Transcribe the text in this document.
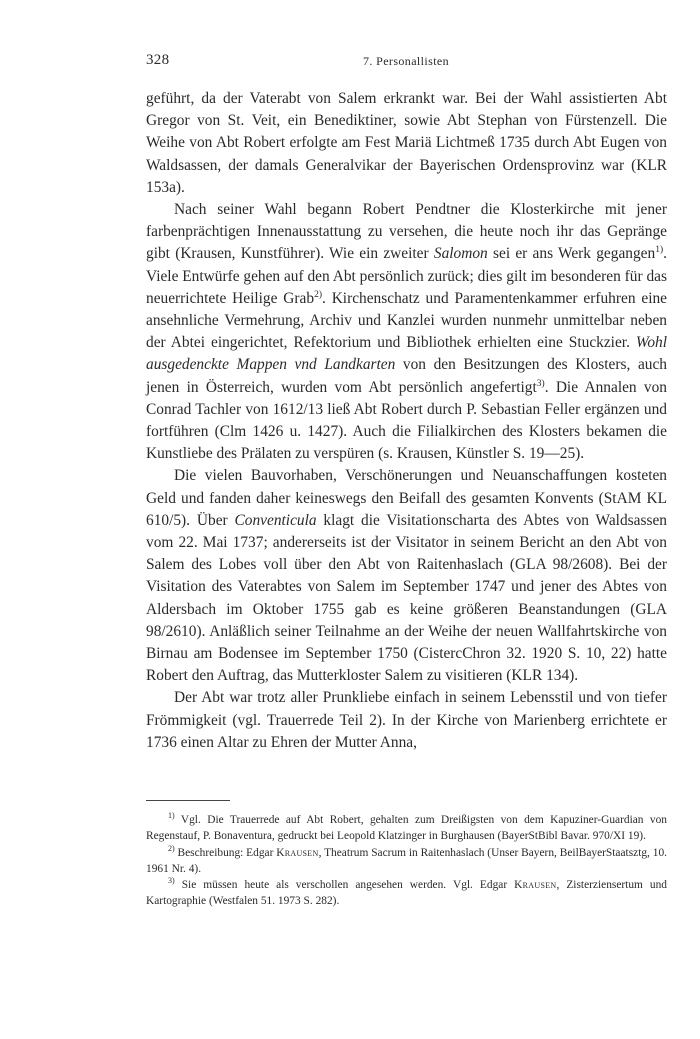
328	7. Personallisten

geführt, da der Vaterabt von Salem erkrankt war. Bei der Wahl assistierten Abt Gregor von St. Veit, ein Benediktiner, sowie Abt Stephan von Fürstenzell. Die Weihe von Abt Robert erfolgte am Fest Mariä Lichtmeß 1735 durch Abt Eugen von Waldsassen, der damals Generalvikar der Bayerischen Ordensprovinz war (KLR 153a).

Nach seiner Wahl begann Robert Pendtner die Klosterkirche mit jener farbenprächtigen Innenausstattung zu versehen, die heute noch ihr das Gepränge gibt (Krausen, Kunstführer). Wie ein zweiter Salomon sei er ans Werk gegangen$^{1)}$. Viele Entwürfe gehen auf den Abt persönlich zurück; dies gilt im besonderen für das neuerrichtete Heilige Grab$^{2)}$. Kirchenschatz und Paramentenkammer erfuhren eine ansehnliche Vermehrung, Archiv und Kanzlei wurden nunmehr unmittelbar neben der Abtei eingerichtet, Refektorium und Bibliothek erhielten eine Stuckzier. Wohl ausgedenckte Mappen vnd Landkarten von den Besitzungen des Klosters, auch jenen in Österreich, wurden vom Abt persönlich angefertigt$^{3)}$. Die Annalen von Conrad Tachler von 1612/13 ließ Abt Robert durch P. Sebastian Feller ergänzen und fortführen (Clm 1426 u. 1427). Auch die Filialkirchen des Klosters bekamen die Kunstliebe des Prälaten zu verspüren (s. Krausen, Künstler S. 19—25).

Die vielen Bauvorhaben, Verschönerungen und Neuanschaffungen kosteten Geld und fanden daher keineswegs den Beifall des gesamten Konvents (StAM KL 610/5). Über Conventicula klagt die Visitationscharta des Abtes von Waldsassen vom 22. Mai 1737; andererseits ist der Visitator in seinem Bericht an den Abt von Salem des Lobes voll über den Abt von Raitenhaslach (GLA 98/2608). Bei der Visitation des Vaterabtes von Salem im September 1747 und jener des Abtes von Aldersbach im Oktober 1755 gab es keine größeren Beanstandungen (GLA 98/2610). Anläßlich seiner Teilnahme an der Weihe der neuen Wallfahrtskirche von Birnau am Bodensee im September 1750 (CistercChron 32. 1920 S. 10, 22) hatte Robert den Auftrag, das Mutterkloster Salem zu visitieren (KLR 134).

Der Abt war trotz aller Prunkliebe einfach in seinem Lebensstil und von tiefer Frömmigkeit (vgl. Trauerrede Teil 2). In der Kirche von Marienberg errichtete er 1736 einen Altar zu Ehren der Mutter Anna,

$^{1)}$ Vgl. Die Trauerrede auf Abt Robert, gehalten zum Dreißigsten von dem Kapuziner-Guardian von Regenstauf, P. Bonaventura, gedruckt bei Leopold Klatzinger in Burghausen (BayerStBibl Bavar. 970/XI 19).

$^{2)}$ Beschreibung: Edgar Krausen, Theatrum Sacrum in Raitenhaslach (Unser Bayern, BeilBayerStaatsztg, 10. 1961 Nr. 4).

$^{3)}$ Sie müssen heute als verschollen angesehen werden. Vgl. Edgar Krausen, Zisterziensertum und Kartographie (Westfalen 51. 1973 S. 282).
